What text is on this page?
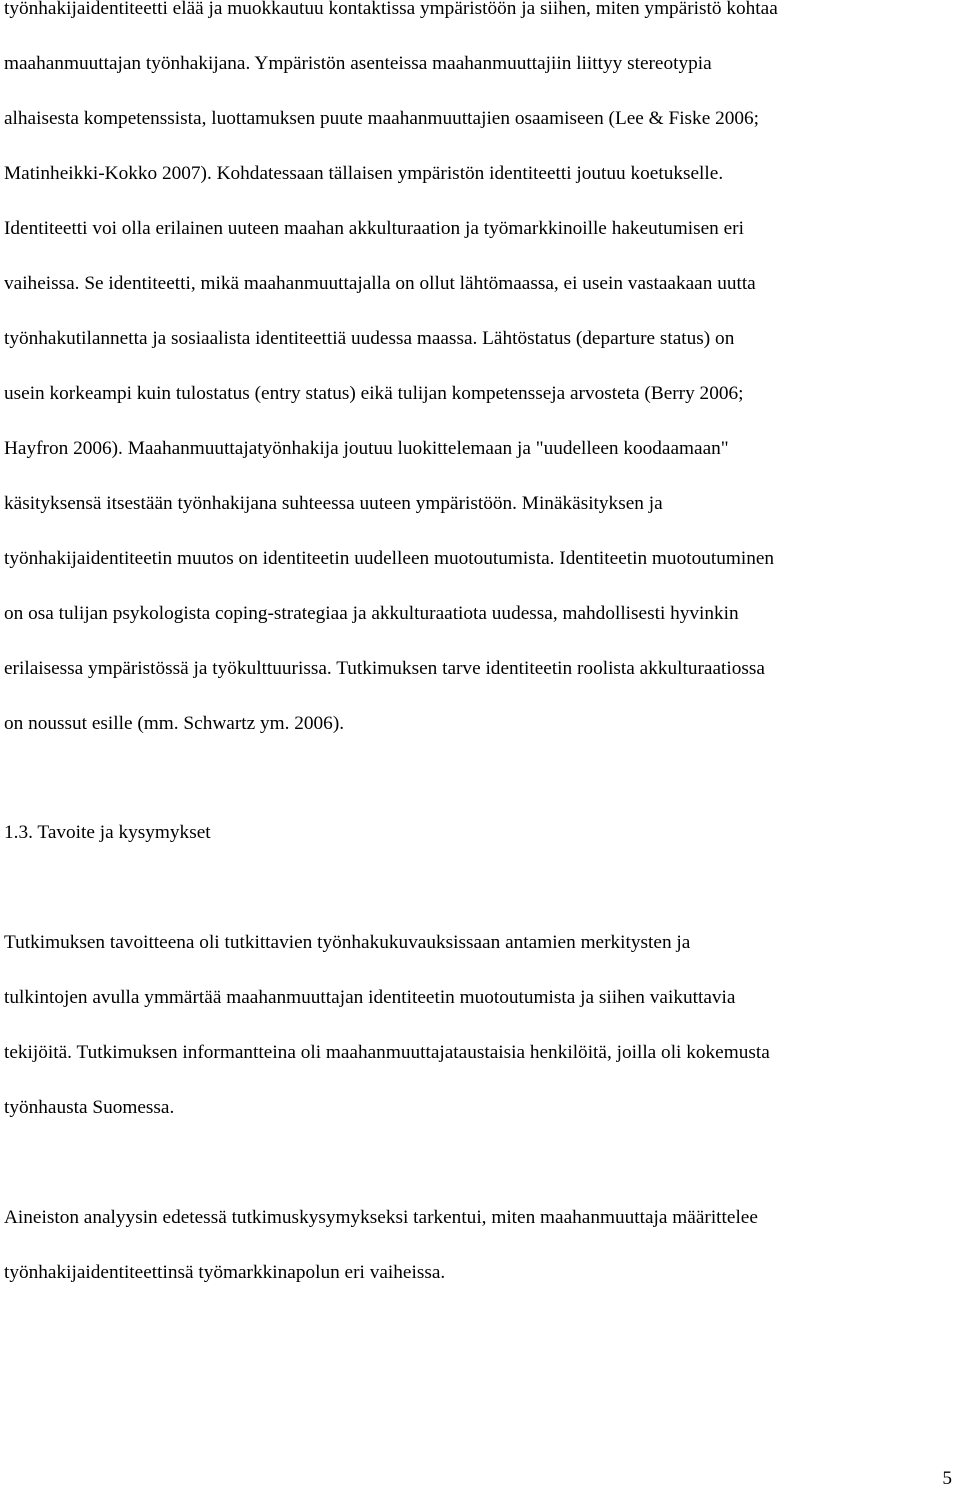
työnhakijaidentiteetti elää ja muokkautuu kontaktissa ympäristöön ja siihen, miten ympäristö kohtaa
maahanmuuttajan työnhakijana. Ympäristön asenteissa maahanmuuttajiin liittyy stereotypia
alhaisesta kompetenssista, luottamuksen puute maahanmuuttajien osaamiseen (Lee & Fiske 2006;
Matinheikki-Kokko 2007). Kohdatessaan tällaisen ympäristön identiteetti joutuu koetukselle.
Identiteetti voi olla erilainen uuteen maahan akkulturaation ja työmarkkinoille hakeutumisen eri
vaiheissa. Se identiteetti, mikä maahanmuuttajalla on ollut lähtömaassa, ei usein vastaakaan uutta
työnhakutilannetta ja sosiaalista identiteettiä uudessa maassa. Lähtöstatus (departure status) on
usein korkeampi kuin tulostatus (entry status) eikä tulijan kompetensseja arvosteta (Berry 2006;
Hayfron 2006). Maahanmuuttajatyönhakija joutuu luokittelemaan ja "uudelleen koodaamaan"
käsityksensä itsestään työnhakijana suhteessa uuteen ympäristöön. Minäkäsityksen ja
työnhakijaidentiteetin muutos on identiteetin uudelleen muotoutumista. Identiteetin muotoutuminen
on osa tulijan psykologista coping-strategiaa ja akkulturaatiota uudessa, mahdollisesti hyvinkin
erilaisessa ympäristössä ja työkulttuurissa. Tutkimuksen tarve identiteetin roolista akkulturaatiossa
on noussut esille (mm. Schwartz ym. 2006).
1.3. Tavoite ja kysymykset
Tutkimuksen tavoitteena oli tutkittavien työnhakukuvauksissaan antamien merkitysten ja
tulkintojen avulla ymmärtää maahanmuuttajan identiteetin muotoutumista ja siihen vaikuttavia
tekijöitä. Tutkimuksen informantteina oli maahanmuuttajataustaisia henkilöitä, joilla oli kokemusta
työnhausta Suomessa.
Aineiston analyysin edetessä tutkimuskysymykseksi tarkentui, miten maahanmuuttaja määrittelee
työnhakijaidentiteettinsä työmarkkinapolun eri vaiheissa.
5
